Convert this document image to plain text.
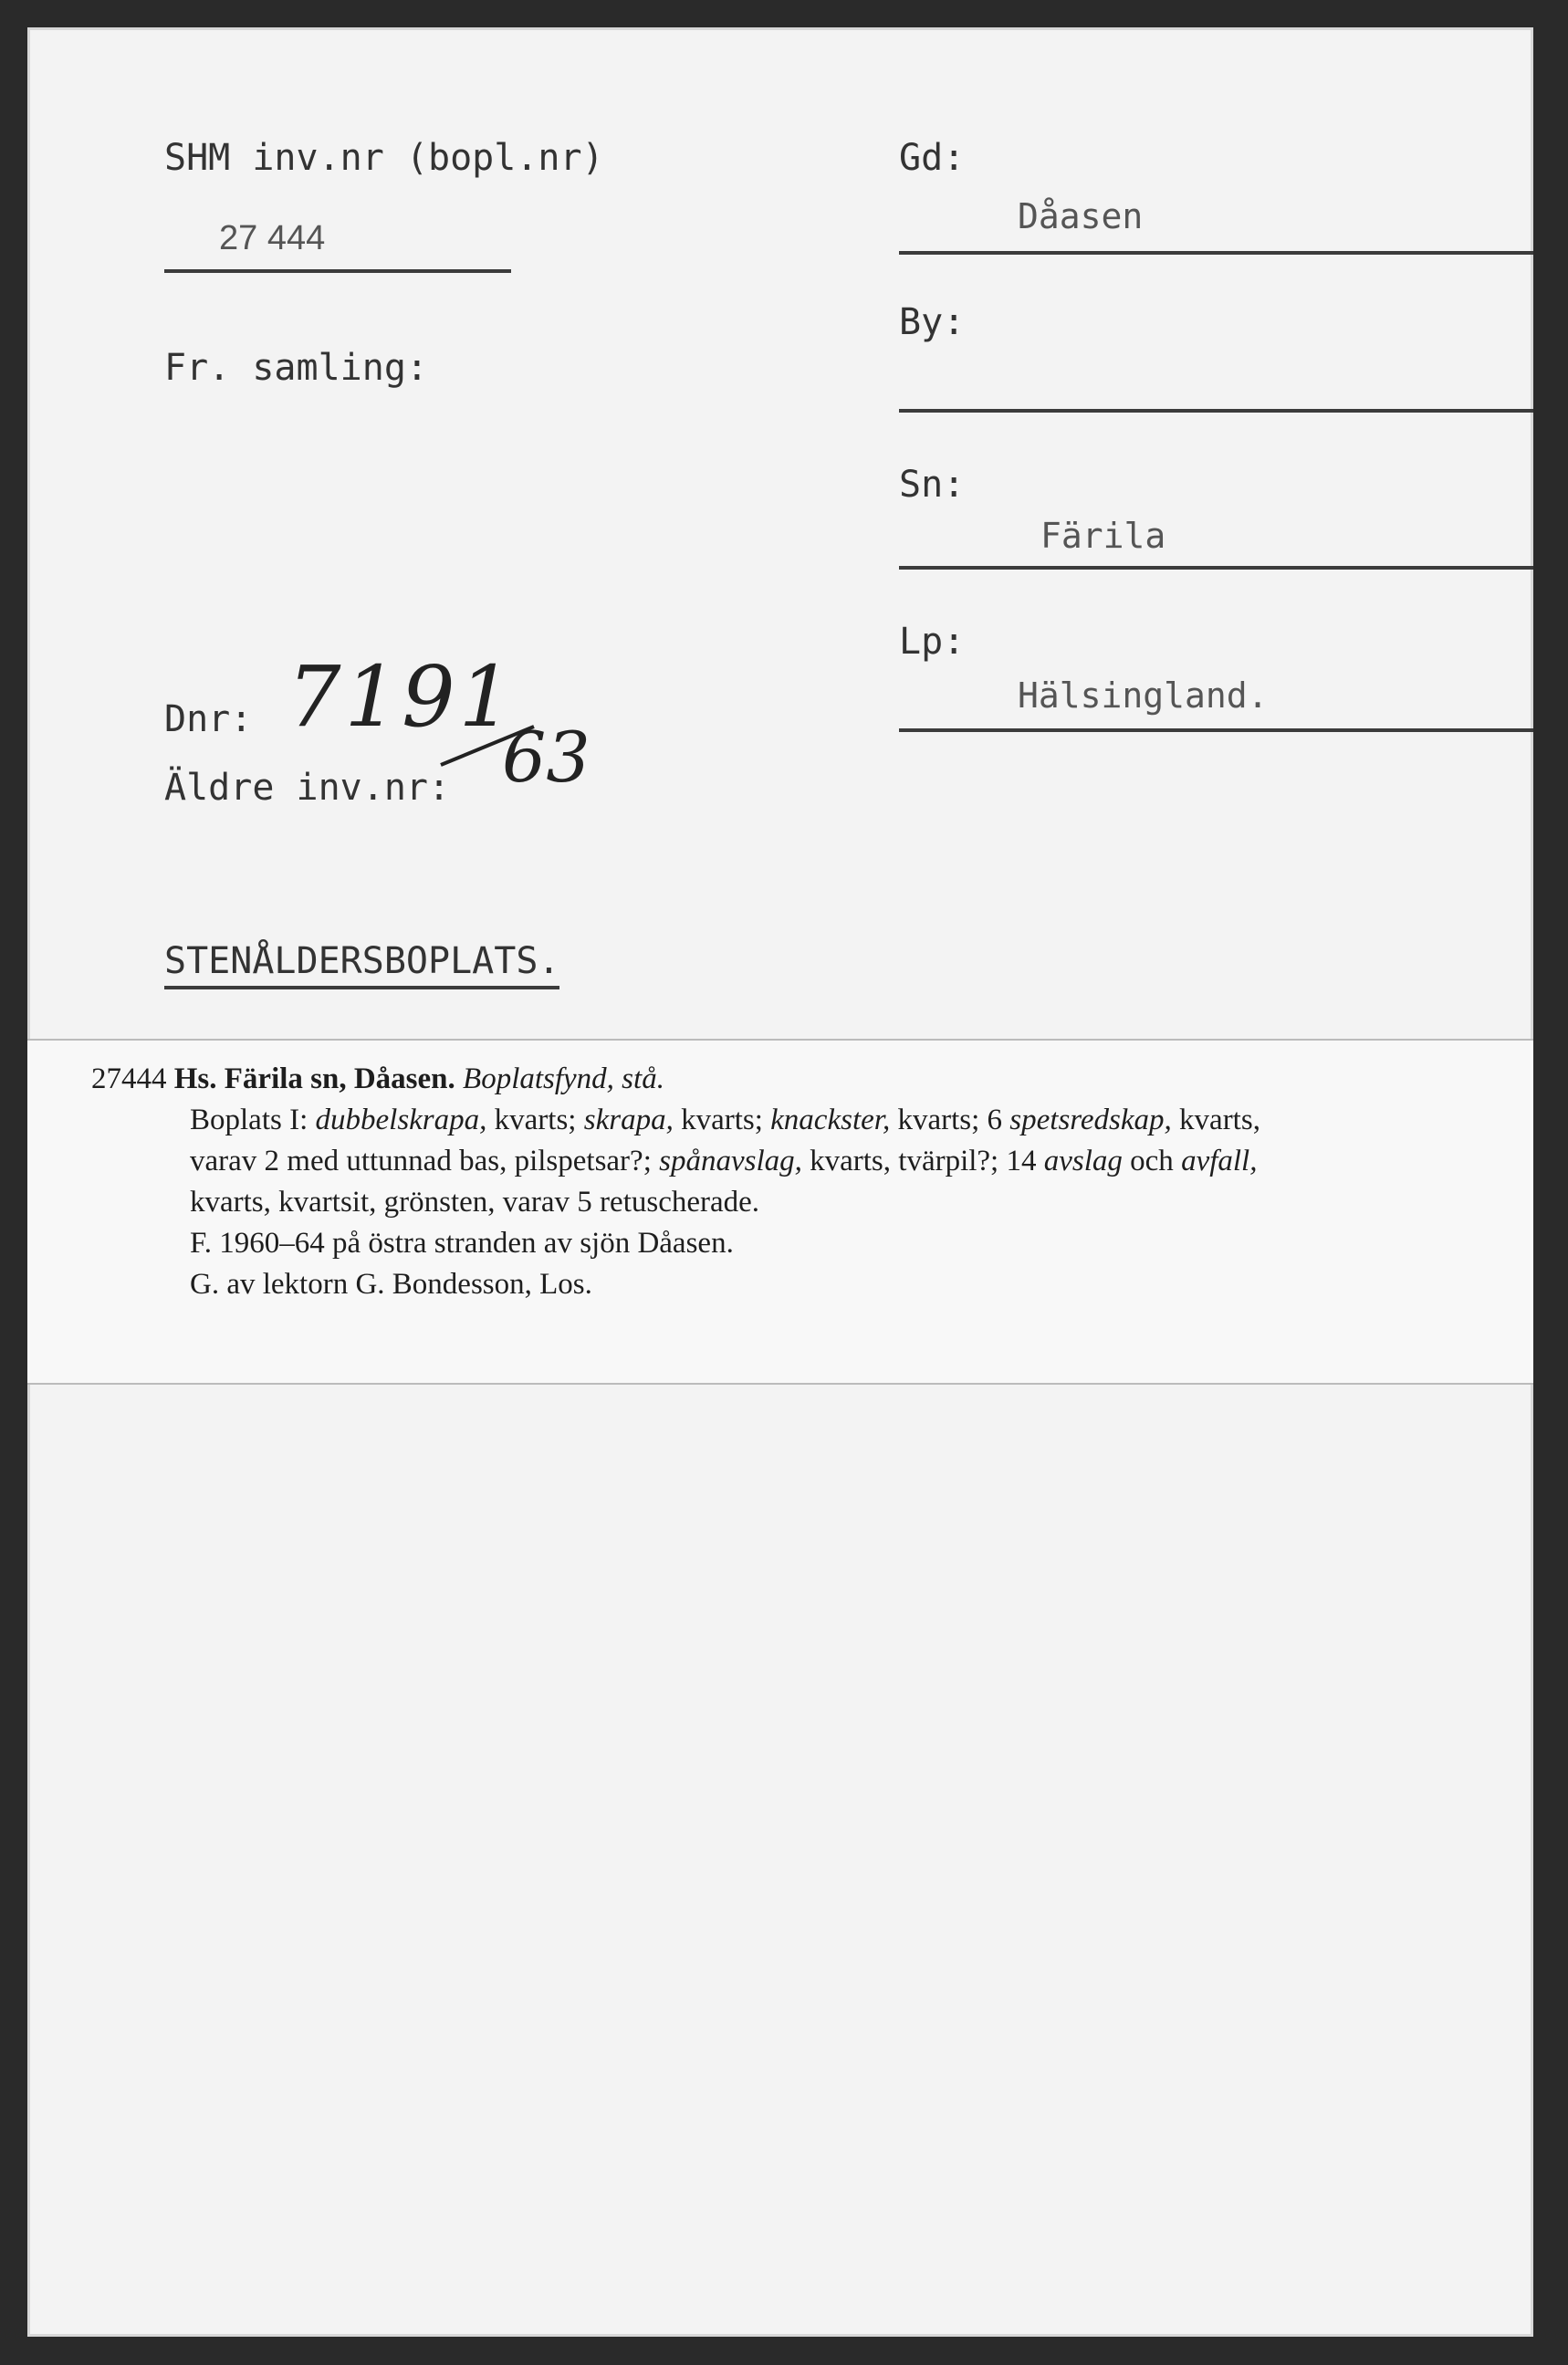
SHM inv.nr (bopl.nr)
27 444
Fr. samling:
Dnr: 7191
63
Äldre inv.nr:
STENÅLDERSBOPLATS.
Gd:
Dåasen
By:
Sn:
Färila
Lp:
Hälsingland.

27444 Hs. Färila sn, Dåasen. Boplatsfynd, stå.

Boplats I: dubbelskrapa, kvarts; skrapa, kvarts; knackster, kvarts; 6 spetsredskap, kvarts, varav 2 med uttunnad bas, pilspetsar?; spånavslag, kvarts, tvärpil?; 14 avslag och avfall, kvarts, kvartsit, grönsten, varav 5 retuscherade.

F. 1960–64 på östra stranden av sjön Dåasen.

G. av lektorn G. Bondesson, Los.
